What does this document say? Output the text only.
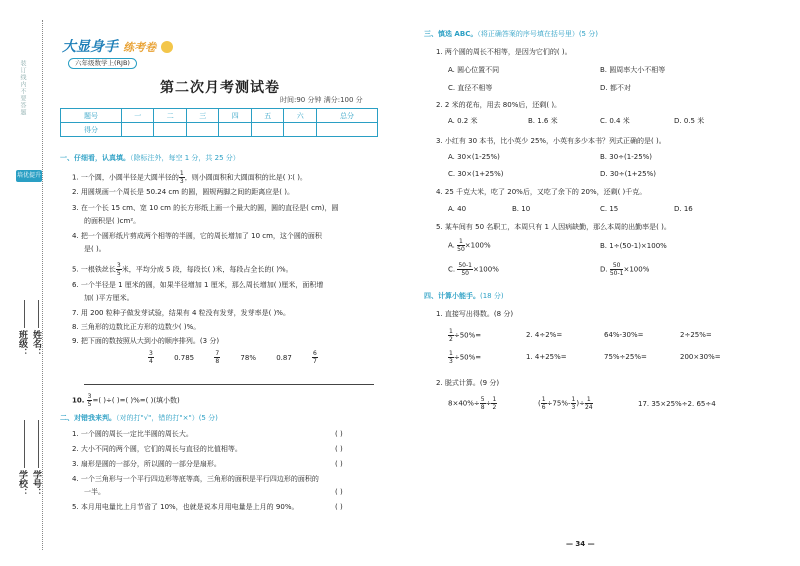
装订线内不要答题
培优提升
班级： 姓名：
学校： 学号：
大显身手 练考卷
六年级数学上(RJB)
第二次月考测试卷
时间:90 分钟 满分:100 分
题号	一	二	三	四	五	六	总分
得分							
一、仔细看，认真填。（除标注外，每空 1 分，共 25 分）
1. 一个圆，小圆半径是大圆半径的 $\frac{1}{3}$ ，则小圆面积和大圆面积的比是( )∶( )。
2. 用圆规画一个周长是 50.24 cm 的圆，圆规两脚之间的距离应是( )。
3. 在一个长 15 cm、宽 10 cm 的长方形纸上画一个最大的圆，圆的直径是( cm)，圆
的面积是( )cm²。
4. 把一个圆形纸片剪成两个相等的半圆，它的周长增加了 10 cm，这个圆的面积
是( )。
5. 一根铁丝长 $\frac{3}{5}$ 米，平均分成 5 段，每段长( )米，每段占全长的( )%。
6. 一个半径是 1 厘米的圆，如果半径增加 1 厘米，那么周长增加( )厘米，面积增
加( )平方厘米。
7. 用 200 粒种子做发芽试验，结果有 4 粒没有发芽，发芽率是( )%。
8. 三角形的边数比正方形的边数少( )%。
9. 把下面的数按照从大到小的顺序排列。(3 分)
$\frac{3}{4}$	0.785	$\frac{7}{8}$	78%	0.87	$\frac{6}{7}$
10. $\frac{3}{5}$ =( )÷( )=( )%=( )(填小数)
二、对错我来判。（对的打"√"，错的打"×"）(5 分)
1. 一个圆的周长一定比半圆的周长大。	( )
2. 大小不同的两个圆，它们的周长与直径的比值相等。	( )
3. 扇形是圆的一部分，所以圆的一部分是扇形。	( )
4. 一个三角形与一个平行四边形等底等高，三角形的面积是平行四边形的面积的
一半。	( )
5. 本月用电量比上月节省了 10%，也就是说本月用电量是上月的 90%。	( )
三、慎选 ABC。（将正确答案的序号填在括号里）(5 分)
1. 两个圆的周长不相等，是因为它们的( )。
A. 圆心位置不同	B. 圆周率大小不相等
C. 直径不相等	D. 都不对
2. 2 米的花布，用去 80%后，还剩( )。
A. 0.2 米	B. 1.6 米	C. 0.4 米	D. 0.5 米
3. 小红有 30 本书，比小英少 25%，小英有多少本书？列式正确的是( )。
A. 30×(1-25%)	B. 30÷(1-25%)
C. 30×(1+25%)	D. 30÷(1+25%)
4. 25 千克大米，吃了 20%后，又吃了余下的 20%，还剩( )千克。
A. 40	B. 10	C. 15	D. 16
5. 某车间有 50 名职工，本周只有 1 人因病缺勤，那么本周的出勤率是( )。
A. $\frac{1}{50} \times 100\%$	B. 1÷(50-1)×100%
C. $\frac{50-1}{50} \times 100\%$	D. $\frac{50}{50-1} \times 100\%$
四、计算小能手。(18 分)
1. 直接写出得数。(8 分)
$\frac{1}{2} \div 50\%=$	2. 4÷2%=	64%-30%=	2÷25%=
$\frac{1}{3} \div 50\%=$	1. 4+25%=	75%÷25%=	200×30%=
2. 脱式计算。(9 分)
$8\times 40\%\div \frac{5}{8} \div \frac{1}{2}$	( $\frac{1}{6} \div 75\%- \frac{1}{3}$ )÷ $\frac{1}{24}$	17. 35×25%÷2. 65÷4
— 34 —
